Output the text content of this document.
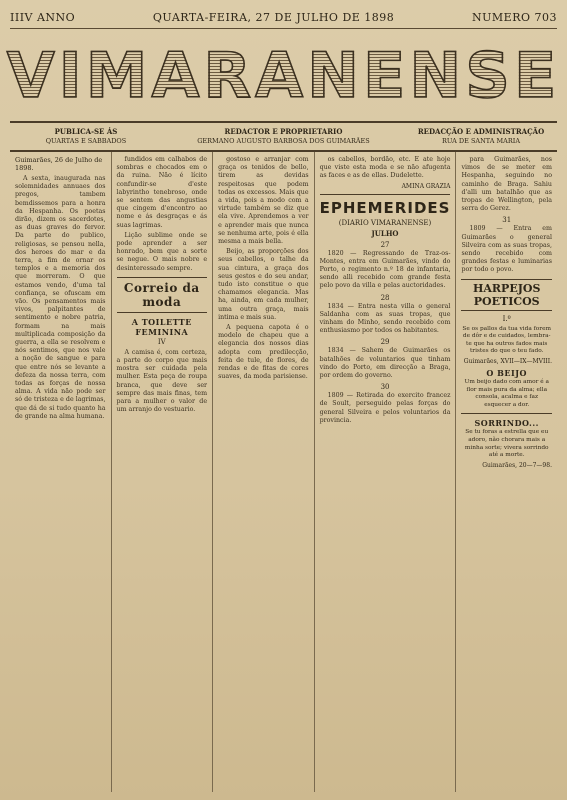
IIIV ANNO	QUARTA-FEIRA, 27 DE JULHO DE 1898	NUMERO 703
VIMARANENSE
PUBLICA-SE ÁS
QUARTAS E SABBADOS
REDACTOR E PROPRIETARIO
GERMANO AUGUSTO BARBOSA DOS GUIMARÃES
REDACÇÃO E ADMINISTRAÇÃO
RUA DE SANTA MARIA
Guimarães, 26 de Julho de 1898.

A sexta, inaugurada nas solemnidades annuaes dos pregos, tambem bemdissemos para a honra da Hespanha. Os poetas dirão, dizem os sacerdotes, as duas graves do fervor. Da parte do publico, religiosas, se pensou nella, dos heroes do mar e da terra, a fim de ornar os templos e a memoria dos que morreram. O que estamos vendo, d'uma tal confiança, se ofuscam em vão. Os pensamentos mais vivos, palpitantes de sentimento e nobre patria, formam na mais multiplicada composição da guerra, a ella se resolvem e nós sentimos, que nos vale a noção de sangue e para que entre nós se levante a defeza da nossa terra, com todas as forças de nossa alma. A vida não pode ser só de tristeza e de lagrimas, que dá de si tudo quanto ha de grande na alma humana.

fundidos em calhabos de sombras e chocados em o da ruina. Não é lícito confundir-se d'este labyrintho tenebroso, onde se sentem das angustias que cingem d'encontro ao nome e ás desgraças e ás suas lagrimas.

Lição sublime onde se pode aprender a ser honrado, bem que a sorte se negue. O mais nobre e desinteressado sempre.

Correio da moda
A TOILETTE FEMININA
IV

A camisa é, com certeza, a parte do corpo que mais mostra ser cuidada pela mulher. Esta peça de roupa branca, que deve ser sempre das mais finas, tem para a mulher o valor de um arranjo do vestuario.

gostoso e arranjar com graça os tenidos de bello, tirem as devidas respeitosas que podem todas os excessos. Mais que a vida, pois a modo com a virtude também se diz que ela vive. Aprendemos a ver e aprender mais que nunca se nenhuma arte, pois é ella mesma a mais bella.

Beijo, as proporções dos seus cabellos, o talhe da sua cintura, a graça dos seus gestos e do seu andar, tudo isto constitue o que chamamos elegancia. Mas ha, ainda, em cada mulher, uma outra graça, mais intima e mais sua.

A pequena capota é o modelo de chapeu que a elegancia dos nossos dias adopta com predilecção, feita de tule, de flores, de rendas e de fitas de cores suaves, da moda parisiense.

os cabellos, bordão, etc. E ate hoje que viste esta moda e se não afugenta as faces e as de ellas. Dudelette.

AMINA GRAZIA
EPHEMERIDES
(DIARIO VIMARANENSE)
JULHO
27

1820 — Regressando de Traz-os-Montes, entra em Guimarães, vindo do Porto, o regimento n.º 18 de infantaria, sendo alli recebido com grande festa pelo povo da villa e pelas auctoridades.

28

1834 — Entra nesta villa o general Saldanha com as suas tropas, que vinham do Minho, sendo recebido com enthusiasmo por todos os habitantes.

29

1834 — Sahem de Guimarães os batalhões de voluntarios que tinham vindo do Porto, em direcção a Braga, por ordem do governo.

30

1809 — Retirada do exercito francez de Soult, perseguido pelas forças do general Silveira e pelos voluntarios da provincia.

para Guimarães, nos vimos de se meter em Hespanha, seguindo no caminho de Braga. Sahiu d'alli um batalhão que as tropas de Wellington, pela serra do Gerez.

31

1809 — Entra em Guimarães o general Silveira com as suas tropas, sendo recebido com grandes festas e luminarias por todo o povo.

HARPEJOS POETICOS
I.º
Se os pallos da tua vida forem de dôr e de cuidados, lembra-te que ha outros fados mais tristes do que o teu fado.
Guimarães, XVII—IX—MVIII.
O BEIJO
Um beijo dado com amor é a flor mais pura da alma; ella consola, acalma e faz esquecer a dor.
SORRINDO...
Se tu foras a estrella que eu adoro, não chorara mais a minha sorte; vivera sorrindo até a morte.
Guimarães, 20—7—98.
